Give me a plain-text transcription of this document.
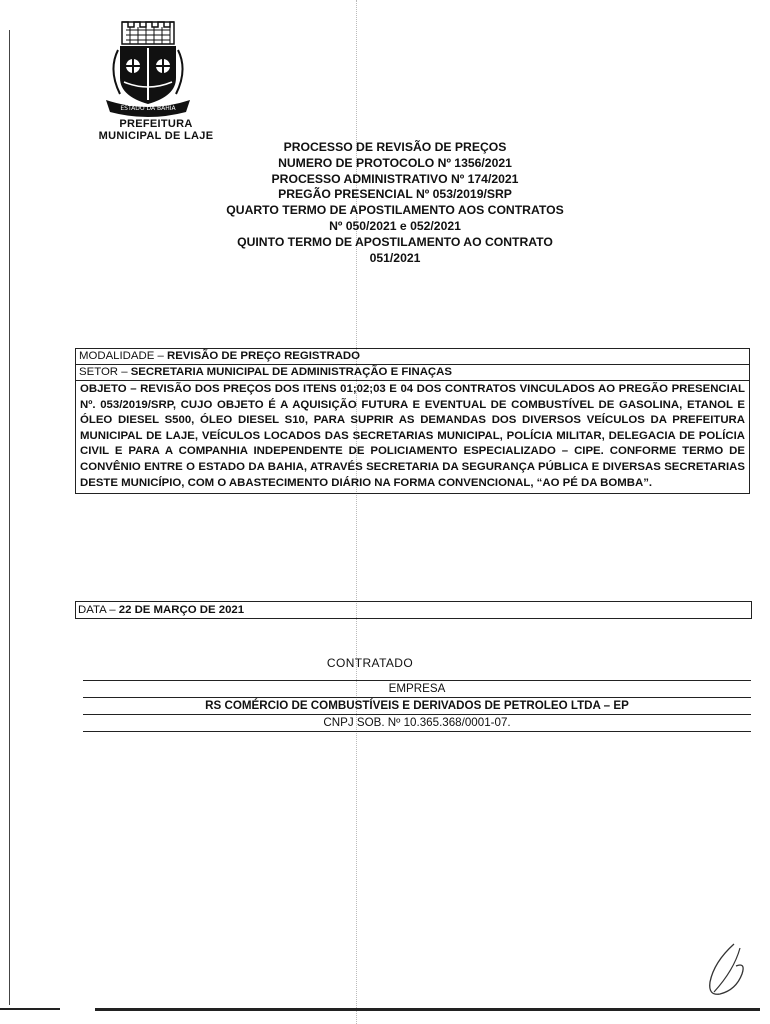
ESTADO DA BAHIA
PREFEITURA
MUNICIPAL DE LAJE
PROCESSO DE REVISÃO DE PREÇOS
NUMERO DE PROTOCOLO Nº 1356/2021
PROCESSO ADMINISTRATIVO Nº 174/2021
PREGÃO PRESENCIAL Nº 053/2019/SRP
QUARTO TERMO DE APOSTILAMENTO AOS CONTRATOS
Nº 050/2021 e 052/2021
QUINTO TERMO DE APOSTILAMENTO AO CONTRATO
051/2021
MODALIDADE – REVISÃO DE PREÇO REGISTRADO
SETOR – SECRETARIA MUNICIPAL DE ADMINISTRAÇÃO E FINAÇAS
OBJETO – REVISÃO DOS PREÇOS DOS ITENS 01;02;03 E 04 DOS CONTRATOS VINCULADOS AO PREGÃO PRESENCIAL Nº. 053/2019/SRP, CUJO OBJETO É A AQUISIÇÃO FUTURA E EVENTUAL DE COMBUSTÍVEL DE GASOLINA, ETANOL E ÓLEO DIESEL S500, ÓLEO DIESEL S10, PARA SUPRIR AS DEMANDAS DOS DIVERSOS VEÍCULOS DA PREFEITURA MUNICIPAL DE LAJE, VEÍCULOS LOCADOS DAS SECRETARIAS MUNICIPAL, POLÍCIA MILITAR, DELEGACIA DE POLÍCIA CIVIL E PARA A COMPANHIA INDEPENDENTE DE POLICIAMENTO ESPECIALIZADO – CIPE. CONFORME TERMO DE CONVÊNIO ENTRE O ESTADO DA BAHIA, ATRAVÉS SECRETARIA DA SEGURANÇA PÚBLICA E DIVERSAS SECRETARIAS DESTE MUNICÍPIO, COM O ABASTECIMENTO DIÁRIO NA FORMA CONVENCIONAL, “AO PÉ DA BOMBA”.
DATA – 22 DE MARÇO DE 2021
CONTRATADO
EMPRESA
RS COMÉRCIO DE COMBUSTÍVEIS E DERIVADOS DE PETROLEO LTDA – EP
CNPJ SOB. Nº 10.365.368/0001-07.
